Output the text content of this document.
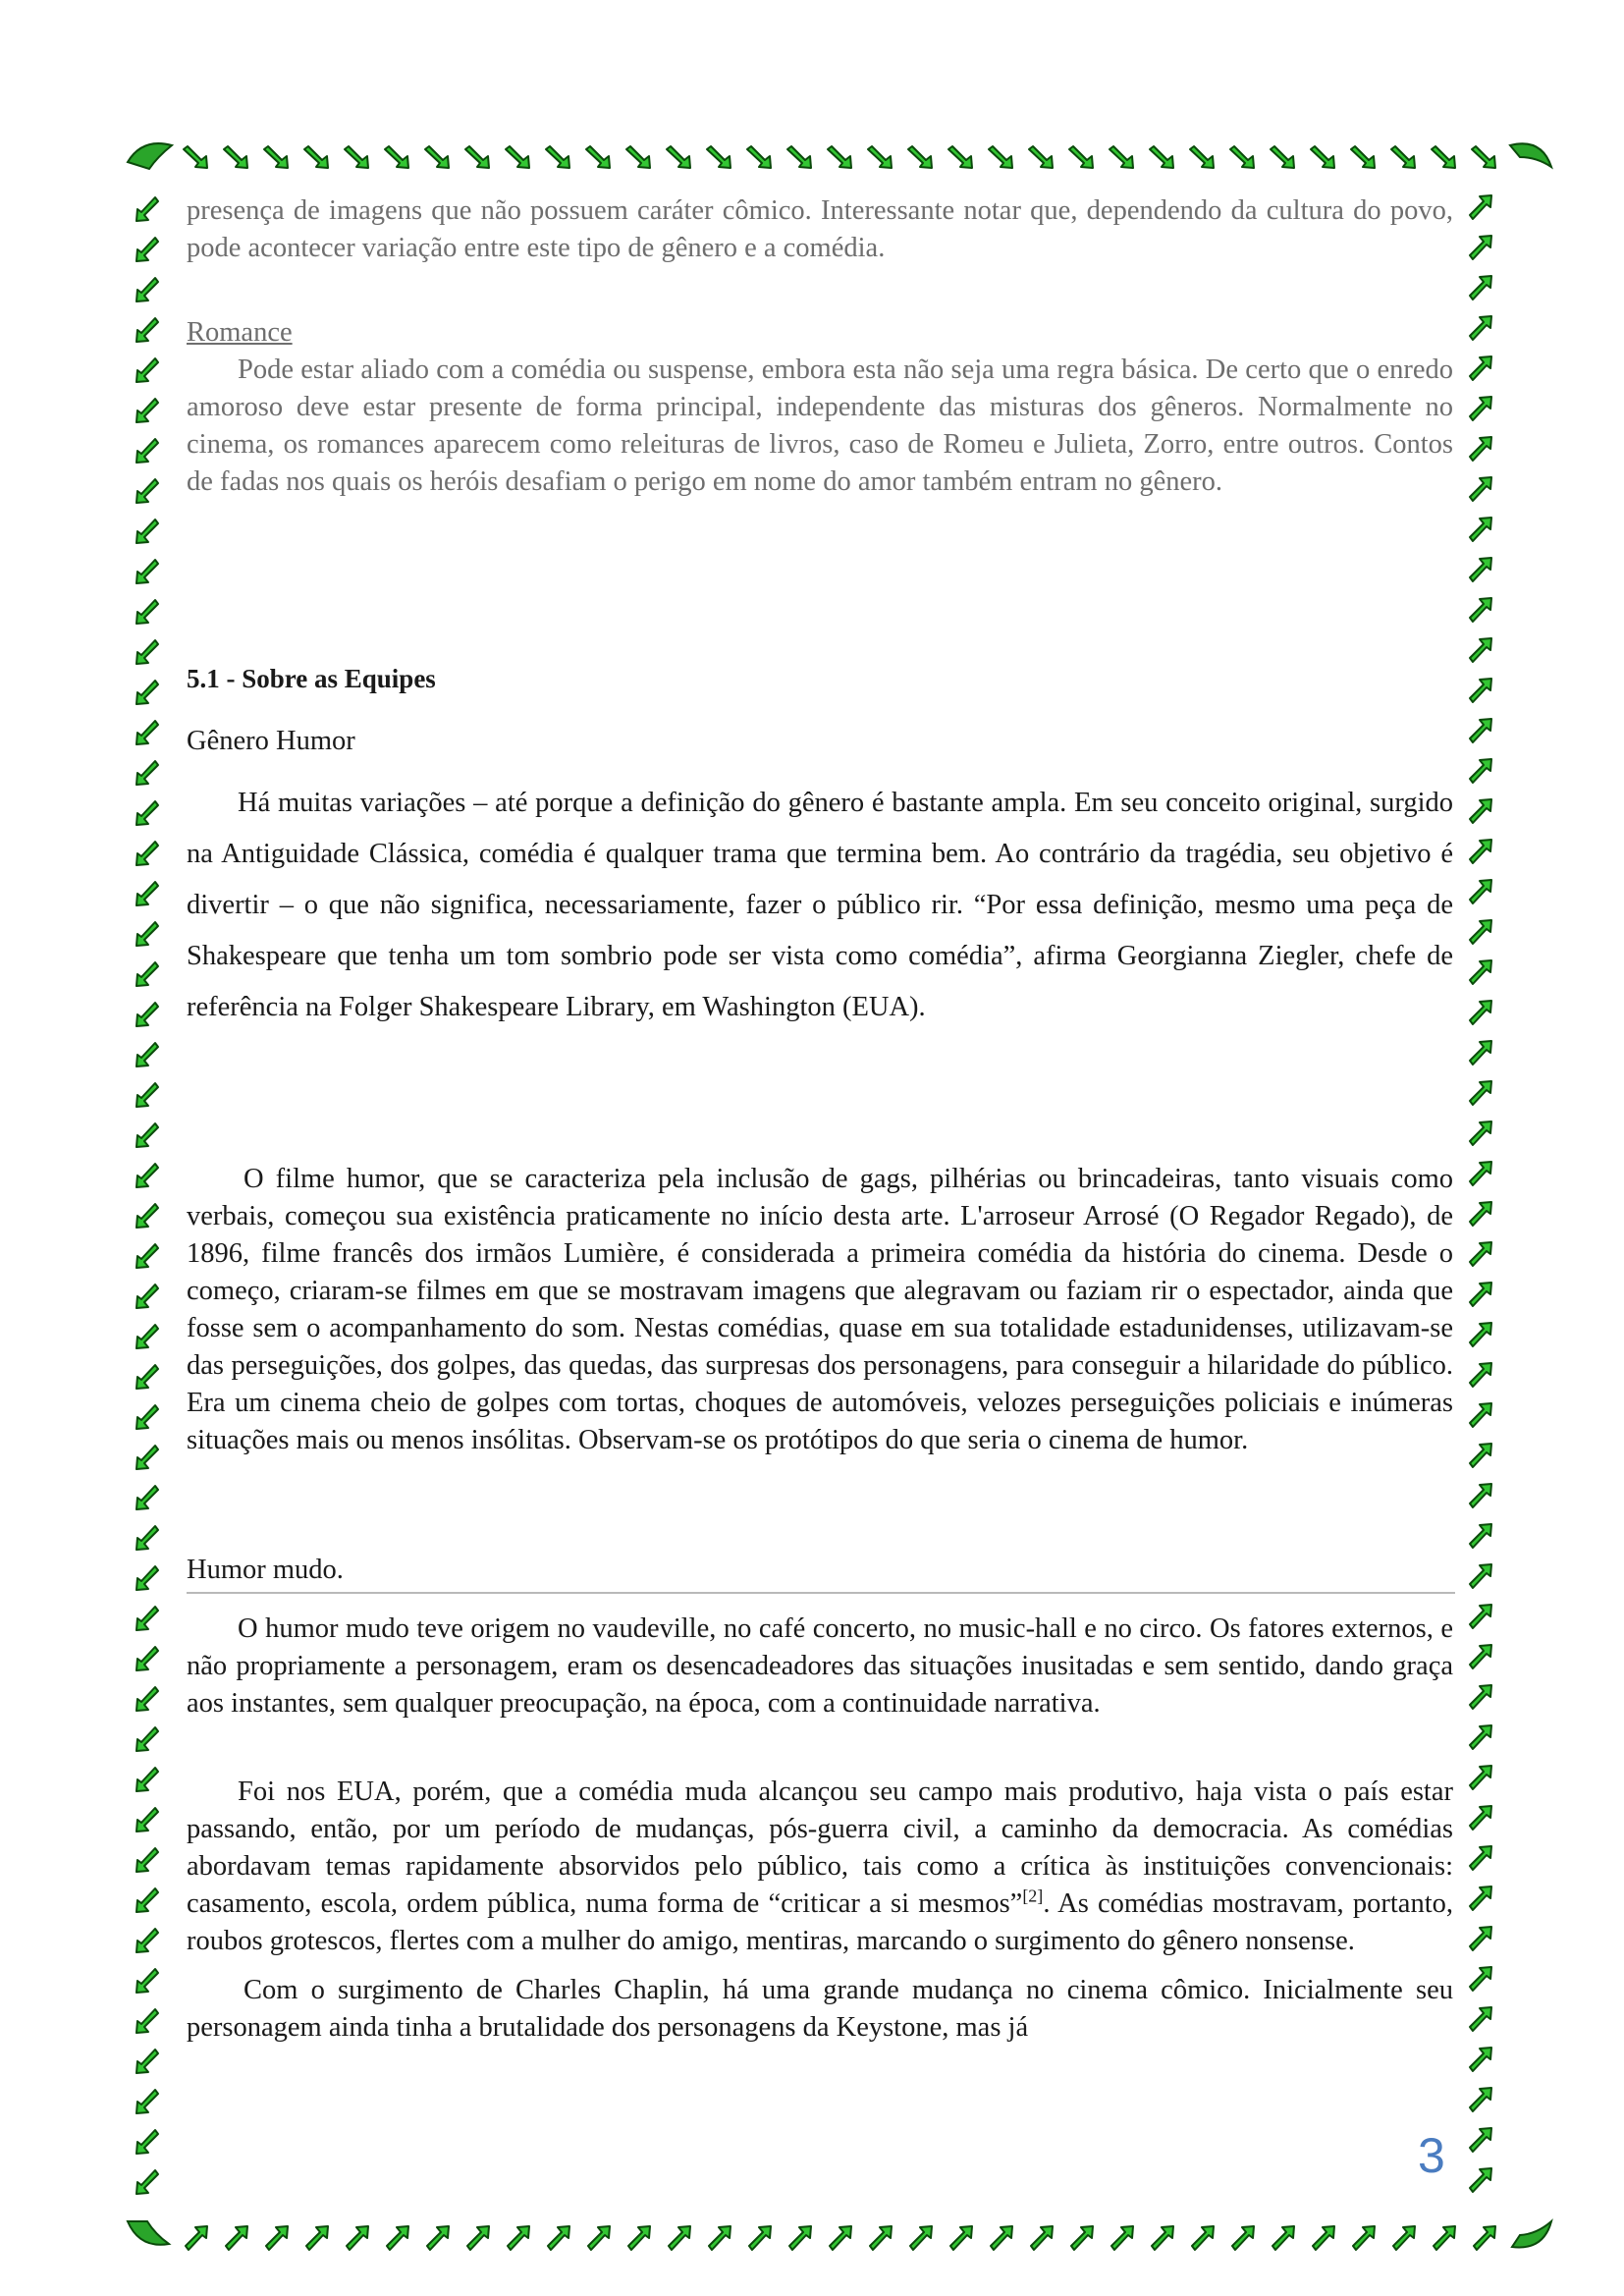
presença de imagens que não possuem caráter cômico. Interessante notar que, dependendo da cultura do povo, pode acontecer variação entre este tipo de gênero e a comédia.

Romance

Pode estar aliado com a comédia ou suspense, embora esta não seja uma regra básica. De certo que o enredo amoroso deve estar presente de forma principal, independente das misturas dos gêneros. Normalmente no cinema, os romances aparecem como releituras de livros, caso de Romeu e Julieta, Zorro, entre outros. Contos de fadas nos quais os heróis desafiam o perigo em nome do amor também entram no gênero.

5.1 - Sobre as Equipes
Gênero Humor

Há muitas variações – até porque a definição do gênero é bastante ampla. Em seu conceito original, surgido na Antiguidade Clássica, comédia é qualquer trama que termina bem. Ao contrário da tragédia, seu objetivo é divertir – o que não significa, necessariamente, fazer o público rir. “Por essa definição, mesmo uma peça de Shakespeare que tenha um tom sombrio pode ser vista como comédia”, afirma Georgianna Ziegler, chefe de referência na Folger Shakespeare Library, em Washington (EUA).

O filme humor, que se caracteriza pela inclusão de gags, pilhérias ou brincadeiras, tanto visuais como verbais, começou sua existência praticamente no início desta arte. L'arroseur Arrosé (O Regador Regado), de 1896, filme francês dos irmãos Lumière, é considerada a primeira comédia da história do cinema. Desde o começo, criaram-se filmes em que se mostravam imagens que alegravam ou faziam rir o espectador, ainda que fosse sem o acompanhamento do som. Nestas comédias, quase em sua totalidade estadunidenses, utilizavam-se das perseguições, dos golpes, das quedas, das surpresas dos personagens, para conseguir a hilaridade do público. Era um cinema cheio de golpes com tortas, choques de automóveis, velozes perseguições policiais e inúmeras situações mais ou menos insólitas. Observam-se os protótipos do que seria o cinema de humor.

Humor mudo.

O humor mudo teve origem no vaudeville, no café concerto, no music-hall e no circo. Os fatores externos, e não propriamente a personagem, eram os desencadeadores das situações inusitadas e sem sentido, dando graça aos instantes, sem qualquer preocupação, na época, com a continuidade narrativa.

Foi nos EUA, porém, que a comédia muda alcançou seu campo mais produtivo, haja vista o país estar passando, então, por um período de mudanças, pós-guerra civil, a caminho da democracia. As comédias abordavam temas rapidamente absorvidos pelo público, tais como a crítica às instituições convencionais: casamento, escola, ordem pública, numa forma de “criticar a si mesmos”[2]. As comédias mostravam, portanto, roubos grotescos, flertes com a mulher do amigo, mentiras, marcando o surgimento do gênero nonsense.

Com o surgimento de Charles Chaplin, há uma grande mudança no cinema cômico. Inicialmente seu personagem ainda tinha a brutalidade dos personagens da Keystone, mas já

3
